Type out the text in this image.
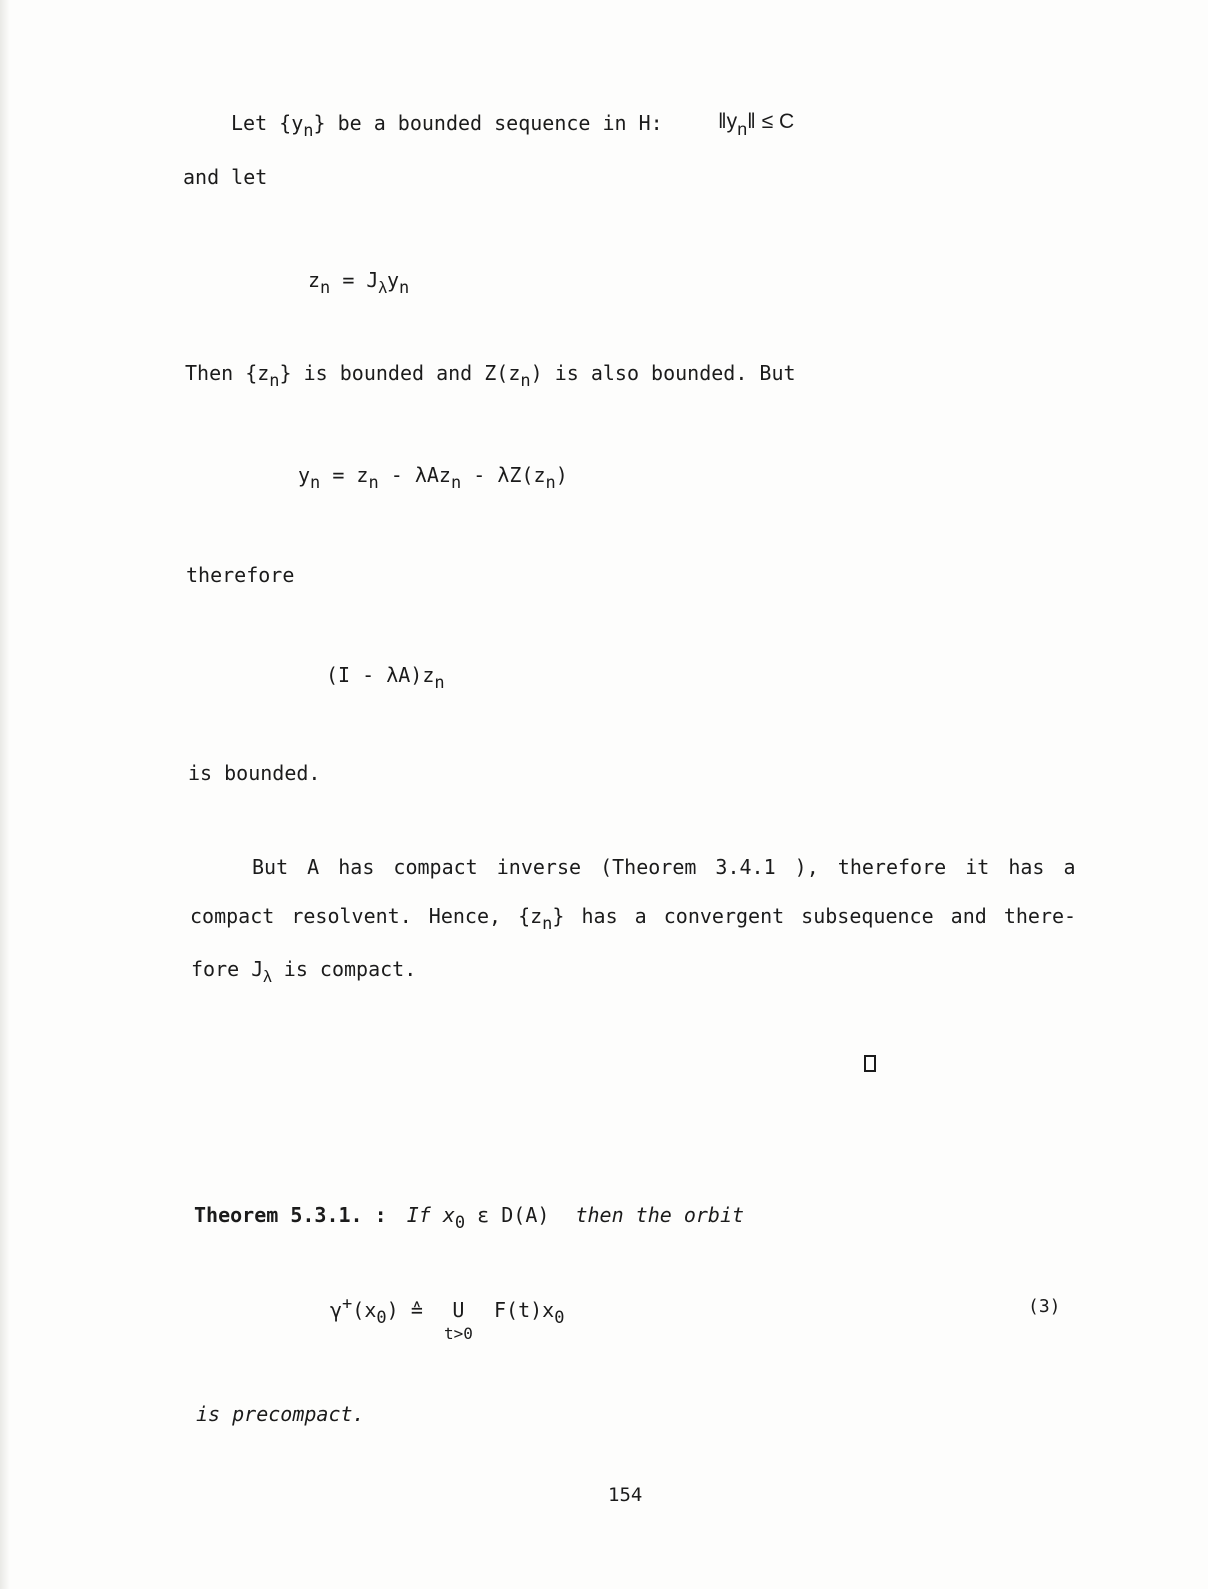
Let $\{y_n\}$ be a bounded sequence in H:	$‖y_n‖ \le C$
and let
$z_n = J_\lambda y_n$
Then $\{z_n\}$ is bounded and $Z(z_n)$ is also bounded. But
$y_n = z_n - \lambda Az_n - \lambda Z(z_n)$
therefore
$(I - \lambda A)z_n$
is bounded.
But A has compact inverse (Theorem 3.4.1 ), therefore it has a
compact resolvent. Hence, $\{z_n\}$ has a convergent subsequence and there-
fore $J_\lambda$ is compact.
Theorem 5.3.1. : If $x_0$ ε D(A) then the orbit
$\gamma^+(x_0)$ ≙	U
t>0
$F(t)x_0$
(3)
is precompact.
154
